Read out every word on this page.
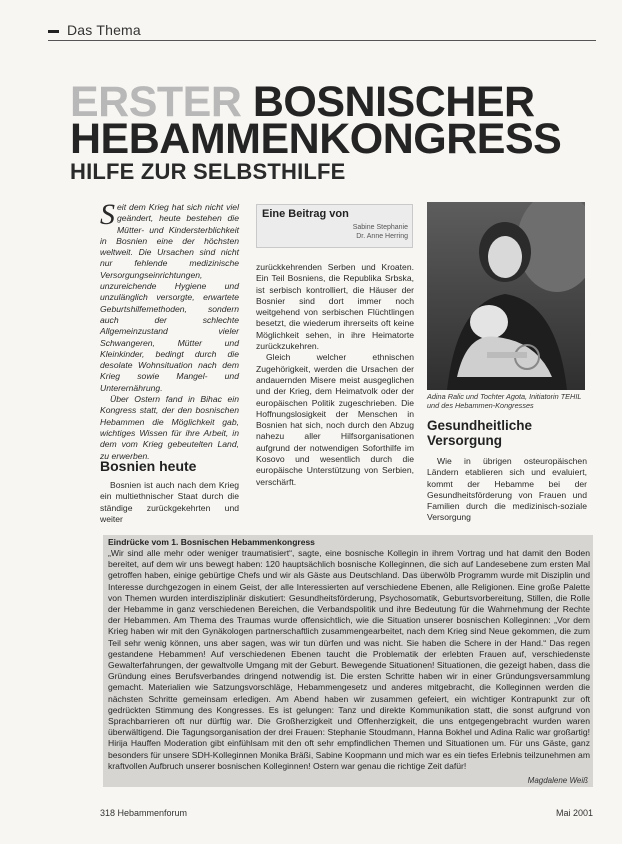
Das Thema
ERSTER BOSNISCHER
HEBAMMENKONGRESS
HILFE ZUR SELBSTHILFE

Seit dem Krieg hat sich nicht viel geändert, heute bestehen die Mütter- und Kindersterblichkeit in Bosnien eine der höchsten weltweit. Die Ursachen sind nicht nur fehlende medizinische Versorgungseinrichtungen, unzureichende Hygiene und unzulänglich versorgte, erwartete Geburtshilfemethoden, sondern auch der schlechte Allgemeinzustand vieler Schwangeren, Mütter und Kleinkinder, bedingt durch die desolate Wohnsituation nach dem Krieg sowie Mangel- und Unterernährung.

Über Ostern fand in Bihac ein Kongress statt, der den bosnischen Hebammen die Möglichkeit gab, wichtiges Wissen für ihre Arbeit, in dem vom Krieg gebeutelten Land, zu erwerben.

Bosnien heute

Bosnien ist auch nach dem Krieg ein multiethnischer Staat durch die ständige zurückgekehrten und weiter

Eine Beitrag von
Sabine Stephanie
Dr. Anne Herring

zurückkehrenden Serben und Kroaten. Ein Teil Bosniens, die Republika Srbska, ist serbisch kontrolliert, die Häuser der Bosnier sind dort immer noch weitgehend von serbischen Flüchtlingen besetzt, die wiederum ihrerseits oft keine Möglichkeit sehen, in ihre Heimatorte zurückzukehren.

Gleich welcher ethnischen Zugehörigkeit, werden die Ursachen der andauernden Misere meist ausgeglichen und der Krieg, dem Heimatvolk oder der europäischen Politik zugeschrieben. Die Hoffnungslosigkeit der Menschen in Bosnien hat sich, noch durch den Abzug nahezu aller Hilfsorganisationen aufgrund der notwendigen Soforthilfe im Kosovo und wesentlich durch die europäische Unterstützung von Serbien, verschärft.

Adina Ralic und Tochter Agota, Initiatorin TEHIL und des Hebammen-Kongresses
Gesundheitliche Versorgung

Wie in übrigen osteuropäischen Ländern etablieren sich und evaluiert, kommt der Hebamme bei der Gesundheitsförderung von Frauen und Familien durch die medizinisch-soziale Versorgung

Eindrücke vom 1. Bosnischen Hebammenkongress
„Wir sind alle mehr oder weniger traumatisiert“, sagte, eine bosnische Kollegin in ihrem Vortrag und hat damit den Boden bereitet, auf dem wir uns bewegt haben: 120 hauptsächlich bosnische Kolleginnen, die sich auf Landesebene zum ersten Mal getroffen haben, einige gebürtige Chefs und wir als Gäste aus Deutschland. Das überwölb Programm wurde mit Disziplin und Interesse durchgezogen in einem Geist, der alle Interessierten auf verschiedene Ebenen, alle Religionen. Eine große Palette von Themen wurden interdisziplinär diskutiert: Gesundheitsförderung, Psychosomatik, Geburtsvorbereitung, Stillen, die Rolle der Hebamme in ganz verschiedenen Bereichen, die Verbandspolitik und ihre Bedeutung für die Wahrnehmung der Rechte der Hebammen. Am Thema des Traumas wurde offensichtlich, wie die Situation unserer bosnischen Kolleginnen: „Vor dem Krieg haben wir mit den Gynäkologen partnerschaftlich zusammengearbeitet, nach dem Krieg sind Neue gekommen, die zum Teil sehr wenig können, uns aber sagen, was wir tun dürfen und was nicht. Sie haben die Schere in der Hand.“ Das regen gestandene Hebammen! Auf verschiedenen Ebenen taucht die Problematik der erlebten Frauen auf, verschiedenste Gewalterfahrungen, der gewaltvolle Umgang mit der Geburt. Bewegende Situationen! Situationen, die gezeigt haben, dass die Gründung eines Berufsverbandes dringend notwendig ist. Die ersten Schritte haben wir in einer Gründungsversammlung gemacht. Materialien wie Satzungsvorschläge, Hebammengesetz und anderes mitgebracht, die Kolleginnen werden die nächsten Schritte gemeinsam erledigen. Am Abend haben wir zusammen gefeiert, ein wichtiger Kontrapunkt zur oft gedrückten Stimmung des Kongresses. Es ist gelungen: Tanz und direkte Kommunikation statt, die sonst aufgrund von Sprachbarrieren oft nur dürftig war. Die Großherzigkeit und Offenherzigkeit, die uns entgegengebracht wurden waren überwältigend. Die Tagungsorganisation der drei Frauen: Stephanie Stoudmann, Hanna Bokhel und Adina Ralic war großartig! Hirija Hauffen Moderation gibt einfühlsam mit den oft sehr empfindlichen Themen und Situationen um. Für uns Gäste, ganz besonders für unsere SDH-Kolleginnen Monika Bräßi, Sabine Koopmann und mich war es ein tiefes Erlebnis teilzunehmen am kraftvollen Aufbruch unserer bosnischen Kolleginnen! Ostern war genau die richtige Zeit dafür!
Magdalene Weiß
318 Hebammenforum	Mai 2001
